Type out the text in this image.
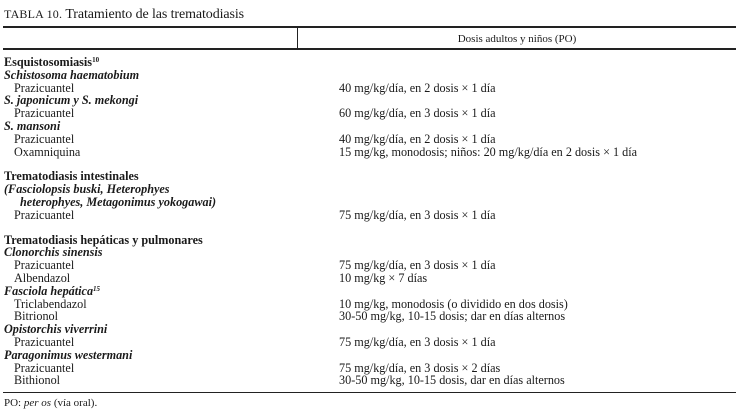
TABLA 10. Tratamiento de las trematodiasis
Dosis adultos y niños (PO)
Esquistosomiasis$^{10}$
Schistosoma haematobium
Prazicuantel	40 mg/kg/día, en 2 dosis × 1 día
S. japonicum y S. mekongi
Prazicuantel	60 mg/kg/día, en 3 dosis × 1 día
S. mansoni
Prazicuantel	40 mg/kg/día, en 2 dosis × 1 día
Oxamniquina	15 mg/kg, monodosis; niños: 20 mg/kg/día en 2 dosis × 1 día
Trematodiasis intestinales
(Fasciolopsis buski, Heterophyes
heterophyes, Metagonimus yokogawai)
Prazicuantel	75 mg/kg/día, en 3 dosis × 1 día
Trematodiasis hepáticas y pulmonares
Clonorchis sinensis
Prazicuantel	75 mg/kg/día, en 3 dosis × 1 día
Albendazol	10 mg/kg × 7 días
Fasciola hepática$^{15}$
Triclabendazol	10 mg/kg, monodosis (o dividido en dos dosis)
Bitrionol	30-50 mg/kg, 10-15 dosis; dar en días alternos
Opistorchis viverrini
Prazicuantel	75 mg/kg/día, en 3 dosis × 1 día
Paragonimus westermani
Prazicuantel	75 mg/kg/día, en 3 dosis × 2 días
Bithionol	30-50 mg/kg, 10-15 dosis, dar en días alternos
PO: per os (vía oral).
